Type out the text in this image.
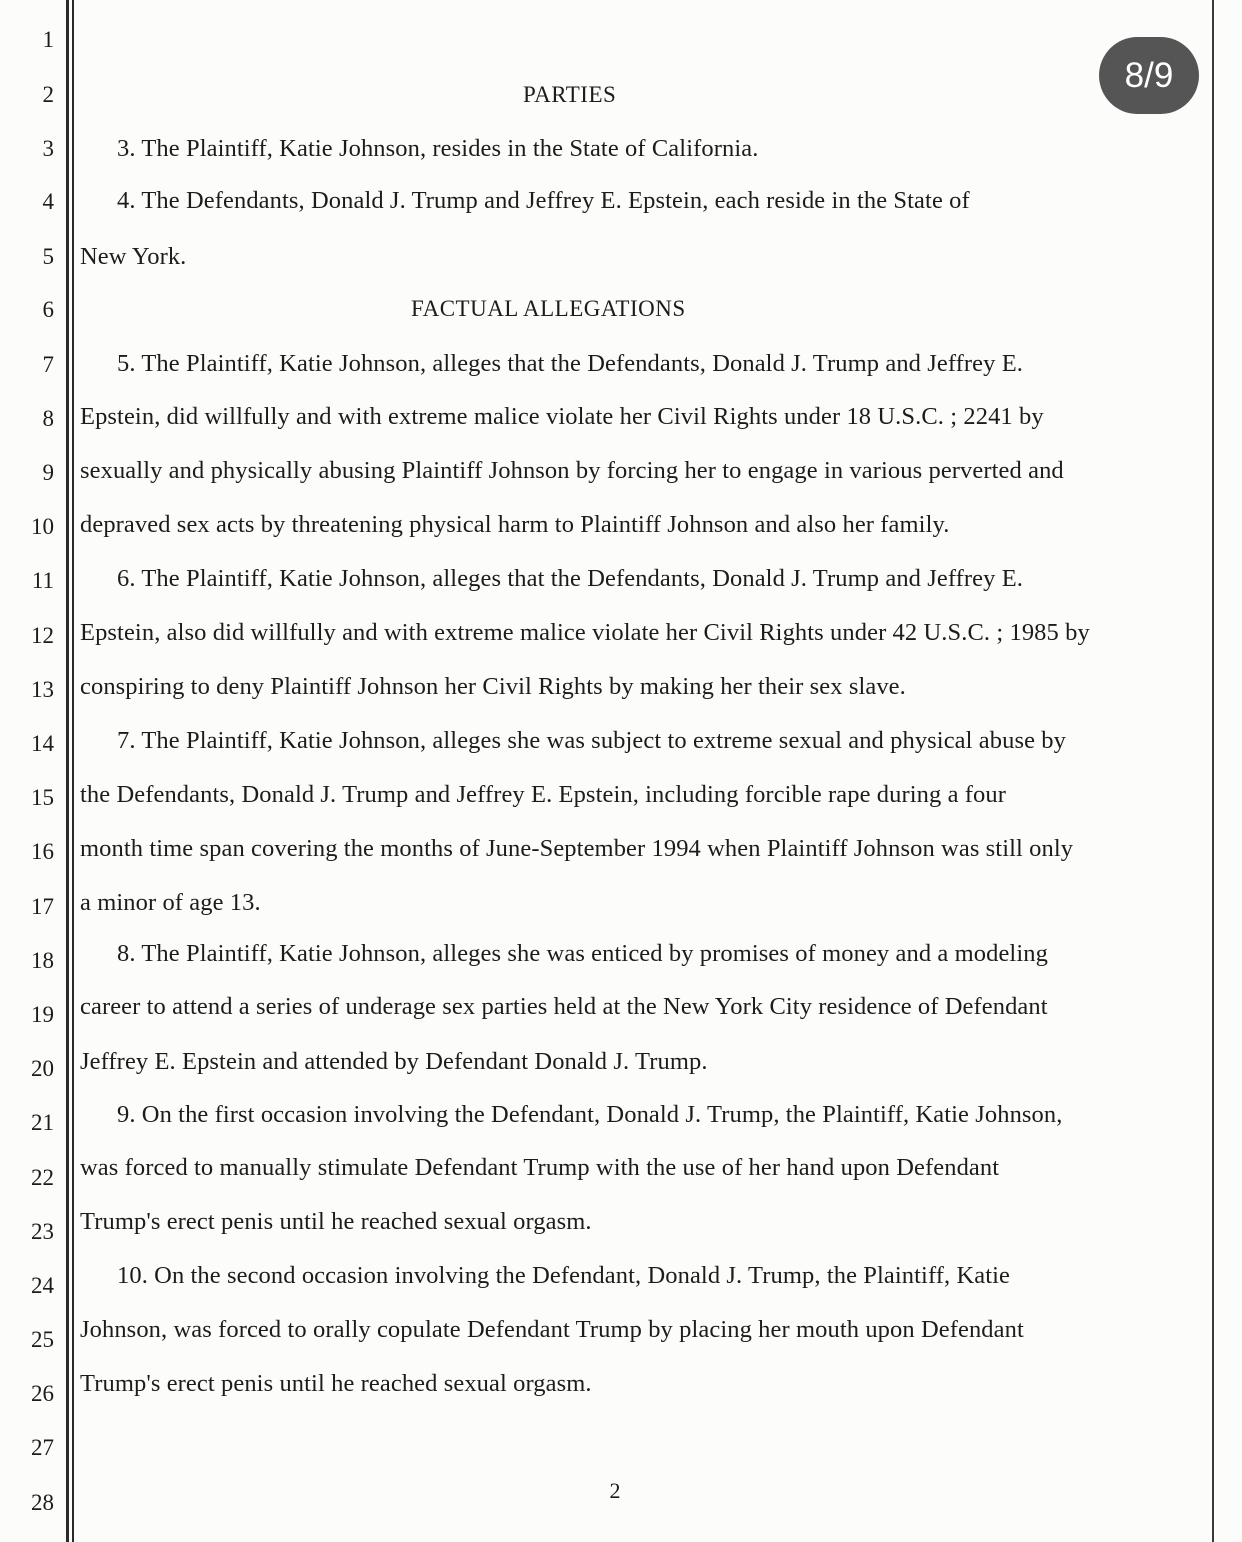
1
2
3
4
5
6
7
8
9
10
11
12
13
14
15
16
17
18
19
20
21
22
23
24
25
26
27
28
PARTIES
FACTUAL ALLEGATIONS
3. The Plaintiff, Katie Johnson, resides in the State of California.
4. The Defendants, Donald J. Trump and Jeffrey E. Epstein, each reside in the State of
New York.
5. The Plaintiff, Katie Johnson, alleges that the Defendants, Donald J. Trump and Jeffrey E.
Epstein, did willfully and with extreme malice violate her Civil Rights under 18 U.S.C. ; 2241 by
sexually and physically abusing Plaintiff Johnson by forcing her to engage in various perverted and
depraved sex acts by threatening physical harm to Plaintiff Johnson and also her family.
6. The Plaintiff, Katie Johnson, alleges that the Defendants, Donald J. Trump and Jeffrey E.
Epstein, also did willfully and with extreme malice violate her Civil Rights under 42 U.S.C. ; 1985 by
conspiring to deny Plaintiff Johnson her Civil Rights by making her their sex slave.
7. The Plaintiff, Katie Johnson, alleges she was subject to extreme sexual and physical abuse by
the Defendants, Donald J. Trump and Jeffrey E. Epstein, including forcible rape during a four
month time span covering the months of June-September 1994 when Plaintiff Johnson was still only
a minor of age 13.
8. The Plaintiff, Katie Johnson, alleges she was enticed by promises of money and a modeling
career to attend a series of underage sex parties held at the New York City residence of Defendant
Jeffrey E. Epstein and attended by Defendant Donald J. Trump.
9. On the first occasion involving the Defendant, Donald J. Trump, the Plaintiff, Katie Johnson,
was forced to manually stimulate Defendant Trump with the use of her hand upon Defendant
Trump's erect penis until he reached sexual orgasm.
10. On the second occasion involving the Defendant, Donald J. Trump, the Plaintiff, Katie
Johnson, was forced to orally copulate Defendant Trump by placing her mouth upon Defendant
Trump's erect penis until he reached sexual orgasm.
2
8/9
